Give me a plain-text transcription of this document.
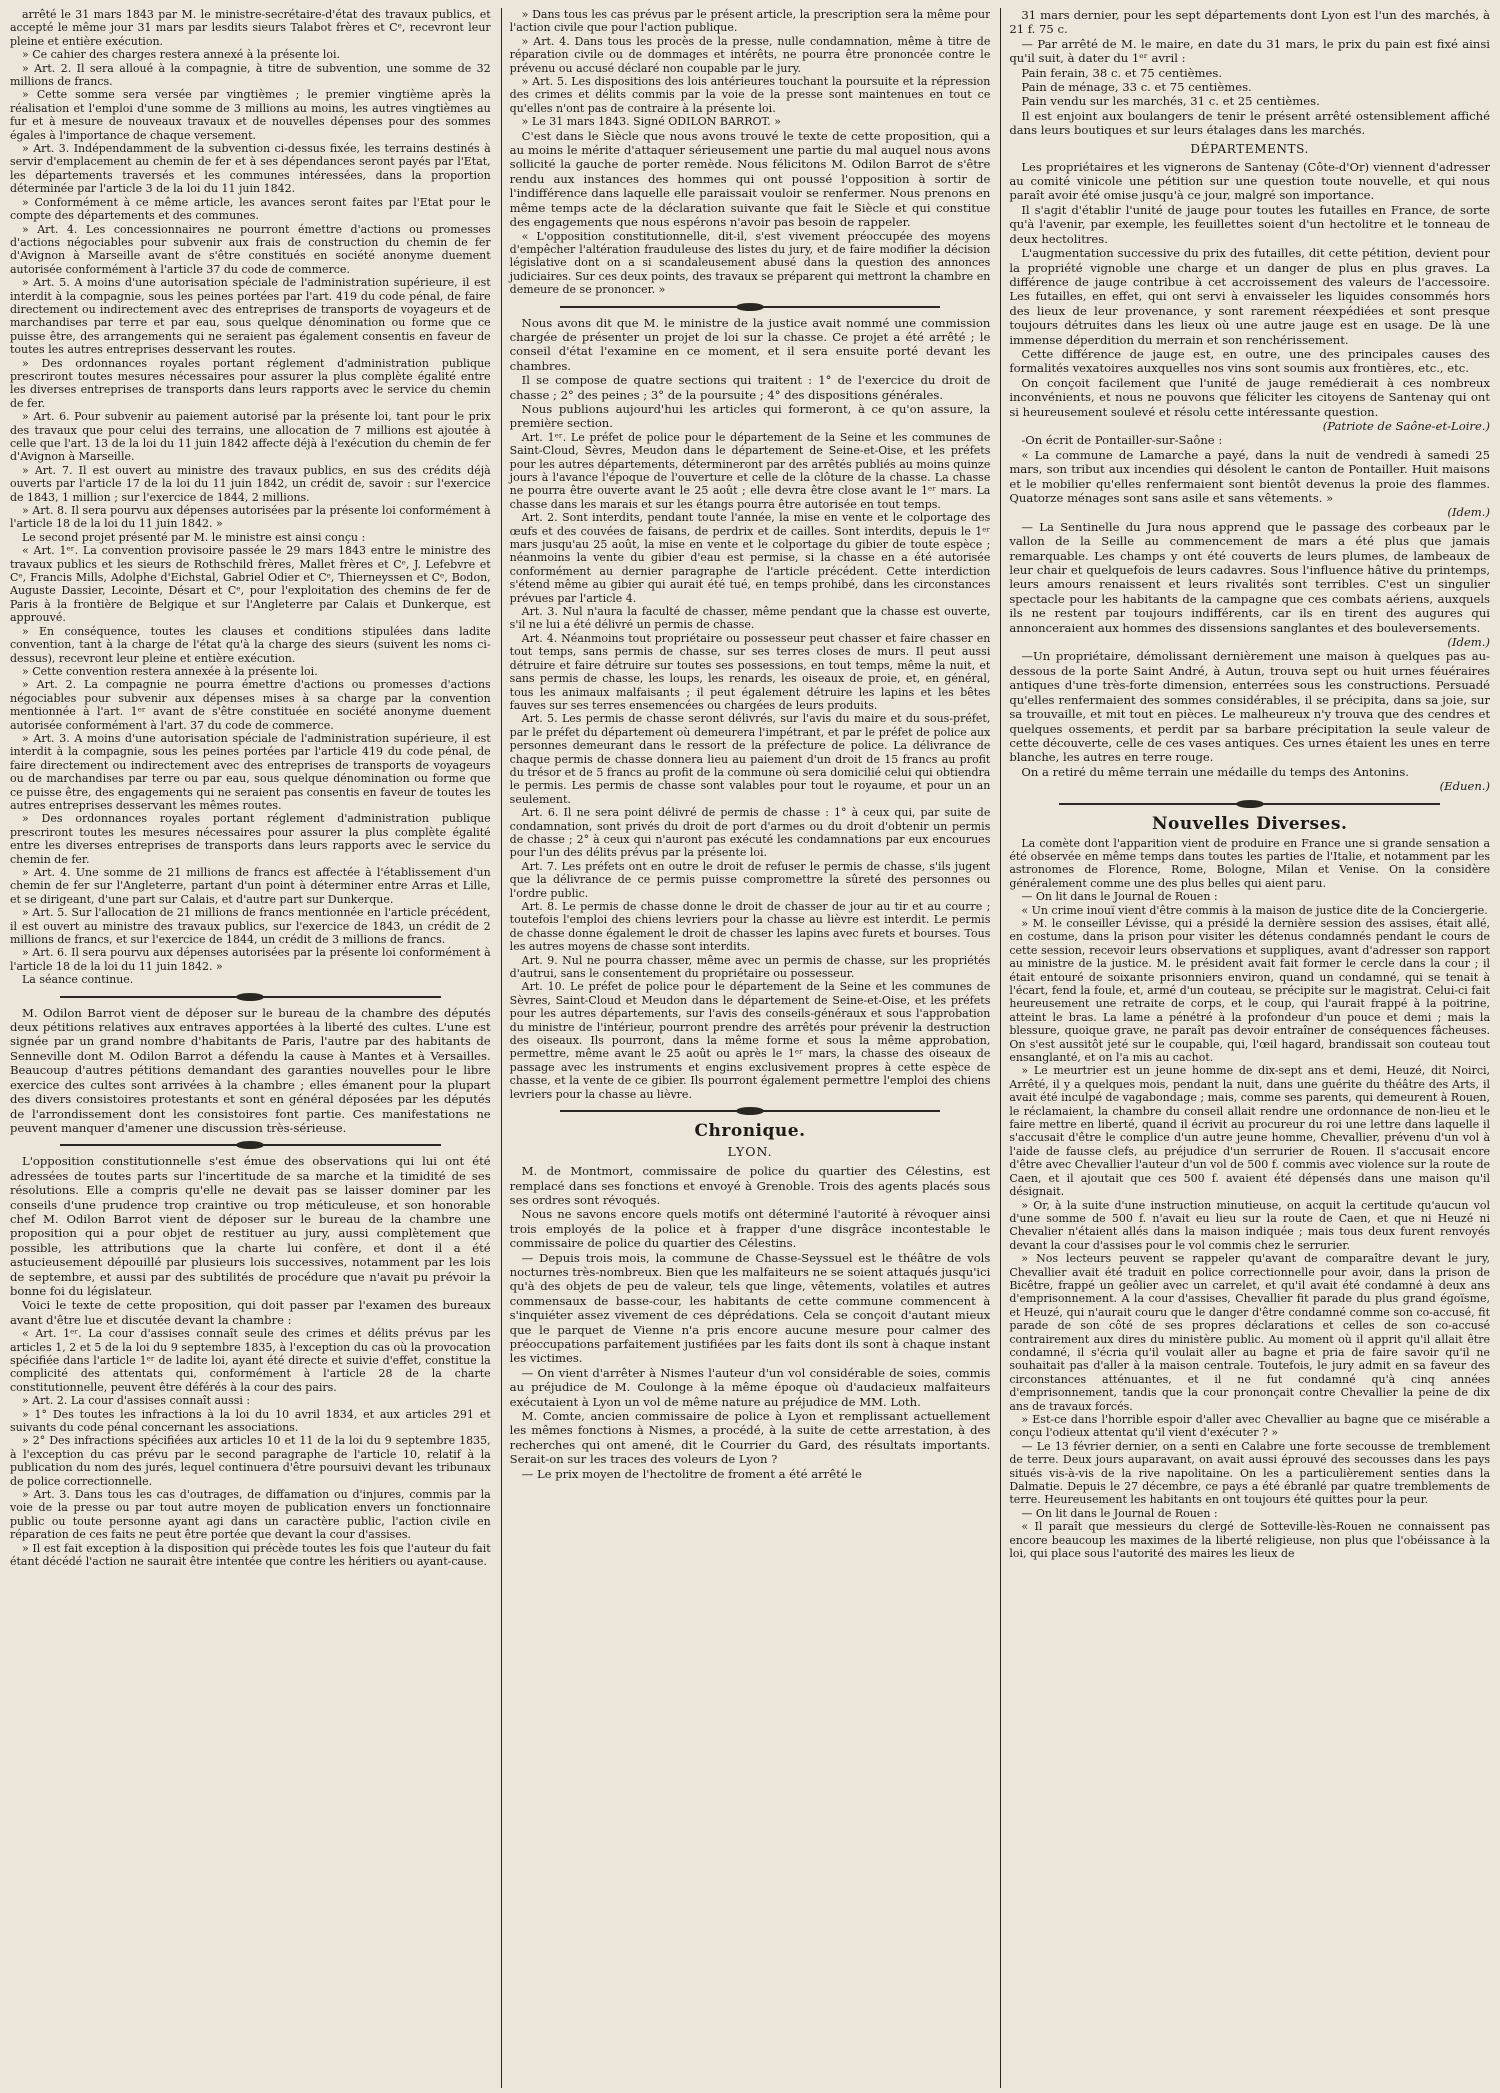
arrêté le 31 mars 1843 par M. le ministre-secrétaire-d'état des travaux publics, et accepté le même jour 31 mars par lesdits sieurs Talabot frères et Cᵉ, recevront leur pleine et entière exécution.

» Ce cahier des charges restera annexé à la présente loi.

» Art. 2. Il sera alloué à la compagnie, à titre de subvention, une somme de 32 millions de francs.

» Cette somme sera versée par vingtièmes ; le premier vingtième après la réalisation et l'emploi d'une somme de 3 millions au moins, les autres vingtièmes au fur et à mesure de nouveaux travaux et de nouvelles dépenses pour des sommes égales à l'importance de chaque versement.

» Art. 3. Indépendamment de la subvention ci-dessus fixée, les terrains destinés à servir d'emplacement au chemin de fer et à ses dépendances seront payés par l'Etat, les départements traversés et les communes intéressées, dans la proportion déterminée par l'article 3 de la loi du 11 juin 1842.

» Conformément à ce même article, les avances seront faites par l'Etat pour le compte des départements et des communes.

» Art. 4. Les concessionnaires ne pourront émettre d'actions ou promesses d'actions négociables pour subvenir aux frais de construction du chemin de fer d'Avignon à Marseille avant de s'être constitués en société anonyme duement autorisée conformément à l'article 37 du code de commerce.

» Art. 5. A moins d'une autorisation spéciale de l'administration supérieure, il est interdit à la compagnie, sous les peines portées par l'art. 419 du code pénal, de faire directement ou indirectement avec des entreprises de transports de voyageurs et de marchandises par terre et par eau, sous quelque dénomination ou forme que ce puisse être, des arrangements qui ne seraient pas également consentis en faveur de toutes les autres entreprises desservant les routes.

» Des ordonnances royales portant réglement d'administration publique prescriront toutes mesures nécessaires pour assurer la plus complète égalité entre les diverses entreprises de transports dans leurs rapports avec le service du chemin de fer.

» Art. 6. Pour subvenir au paiement autorisé par la présente loi, tant pour le prix des travaux que pour celui des terrains, une allocation de 7 millions est ajoutée à celle que l'art. 13 de la loi du 11 juin 1842 affecte déjà à l'exécution du chemin de fer d'Avignon à Marseille.

» Art. 7. Il est ouvert au ministre des travaux publics, en sus des crédits déjà ouverts par l'article 17 de la loi du 11 juin 1842, un crédit de, savoir : sur l'exercice de 1843, 1 million ; sur l'exercice de 1844, 2 millions.

» Art. 8. Il sera pourvu aux dépenses autorisées par la présente loi conformément à l'article 18 de la loi du 11 juin 1842. »

Le second projet présenté par M. le ministre est ainsi conçu :

« Art. 1ᵉʳ. La convention provisoire passée le 29 mars 1843 entre le ministre des travaux publics et les sieurs de Rothschild frères, Mallet frères et Cᵉ, J. Lefebvre et Cᵉ, Francis Mills, Adolphe d'Eichstal, Gabriel Odier et Cᵉ, Thierneyssen et Cᵉ, Bodon, Auguste Dassier, Lecointe, Désart et Cᵉ, pour l'exploitation des chemins de fer de Paris à la frontière de Belgique et sur l'Angleterre par Calais et Dunkerque, est approuvé.

» En conséquence, toutes les clauses et conditions stipulées dans ladite convention, tant à la charge de l'état qu'à la charge des sieurs (suivent les noms ci-dessus), recevront leur pleine et entière exécution.

» Cette convention restera annexée à la présente loi.

» Art. 2. La compagnie ne pourra émettre d'actions ou promesses d'actions négociables pour subvenir aux dépenses mises à sa charge par la convention mentionnée à l'art. 1ᵉʳ avant de s'être constituée en société anonyme duement autorisée conformément à l'art. 37 du code de commerce.

» Art. 3. A moins d'une autorisation spéciale de l'administration supérieure, il est interdit à la compagnie, sous les peines portées par l'article 419 du code pénal, de faire directement ou indirectement avec des entreprises de transports de voyageurs ou de marchandises par terre ou par eau, sous quelque dénomination ou forme que ce puisse être, des engagements qui ne seraient pas consentis en faveur de toutes les autres entreprises desservant les mêmes routes.

» Des ordonnances royales portant réglement d'administration publique prescriront toutes les mesures nécessaires pour assurer la plus complète égalité entre les diverses entreprises de transports dans leurs rapports avec le service du chemin de fer.

» Art. 4. Une somme de 21 millions de francs est affectée à l'établissement d'un chemin de fer sur l'Angleterre, partant d'un point à déterminer entre Arras et Lille, et se dirigeant, d'une part sur Calais, et d'autre part sur Dunkerque.

» Art. 5. Sur l'allocation de 21 millions de francs mentionnée en l'article précédent, il est ouvert au ministre des travaux publics, sur l'exercice de 1843, un crédit de 2 millions de francs, et sur l'exercice de 1844, un crédit de 3 millions de francs.

» Art. 6. Il sera pourvu aux dépenses autorisées par la présente loi conformément à l'article 18 de la loi du 11 juin 1842. »

La séance continue.

M. Odilon Barrot vient de déposer sur le bureau de la chambre des députés deux pétitions relatives aux entraves apportées à la liberté des cultes. L'une est signée par un grand nombre d'habitants de Paris, l'autre par des habitants de Senneville dont M. Odilon Barrot a défendu la cause à Mantes et à Versailles. Beaucoup d'autres pétitions demandant des garanties nouvelles pour le libre exercice des cultes sont arrivées à la chambre ; elles émanent pour la plupart des divers consistoires protestants et sont en général déposées par les députés de l'arrondissement dont les consistoires font partie. Ces manifestations ne peuvent manquer d'amener une discussion très-sérieuse.

L'opposition constitutionnelle s'est émue des observations qui lui ont été adressées de toutes parts sur l'incertitude de sa marche et la timidité de ses résolutions. Elle a compris qu'elle ne devait pas se laisser dominer par les conseils d'une prudence trop craintive ou trop méticuleuse, et son honorable chef M. Odilon Barrot vient de déposer sur le bureau de la chambre une proposition qui a pour objet de restituer au jury, aussi complètement que possible, les attributions que la charte lui confère, et dont il a été astucieusement dépouillé par plusieurs lois successives, notamment par les lois de septembre, et aussi par des subtilités de procédure que n'avait pu prévoir la bonne foi du législateur.

Voici le texte de cette proposition, qui doit passer par l'examen des bureaux avant d'être lue et discutée devant la chambre :

« Art. 1ᵉʳ. La cour d'assises connaît seule des crimes et délits prévus par les articles 1, 2 et 5 de la loi du 9 septembre 1835, à l'exception du cas où la provocation spécifiée dans l'article 1ᵉʳ de ladite loi, ayant été directe et suivie d'effet, constitue la complicité des attentats qui, conformément à l'article 28 de la charte constitutionnelle, peuvent être déférés à la cour des pairs.

» Art. 2. La cour d'assises connaît aussi :

» 1° Des toutes les infractions à la loi du 10 avril 1834, et aux articles 291 et suivants du code pénal concernant les associations.

» 2° Des infractions spécifiées aux articles 10 et 11 de la loi du 9 septembre 1835, à l'exception du cas prévu par le second paragraphe de l'article 10, relatif à la publication du nom des jurés, lequel continuera d'être poursuivi devant les tribunaux de police correctionnelle.

» Art. 3. Dans tous les cas d'outrages, de diffamation ou d'injures, commis par la voie de la presse ou par tout autre moyen de publication envers un fonctionnaire public ou toute personne ayant agi dans un caractère public, l'action civile en réparation de ces faits ne peut être portée que devant la cour d'assises.

» Il est fait exception à la disposition qui précède toutes les fois que l'auteur du fait étant décédé l'action ne saurait être intentée que contre les héritiers ou ayant-cause.

» Dans tous les cas prévus par le présent article, la prescription sera la même pour l'action civile que pour l'action publique.

» Art. 4. Dans tous les procès de la presse, nulle condamnation, même à titre de réparation civile ou de dommages et intérêts, ne pourra être prononcée contre le prévenu ou accusé déclaré non coupable par le jury.

» Art. 5. Les dispositions des lois antérieures touchant la poursuite et la répression des crimes et délits commis par la voie de la presse sont maintenues en tout ce qu'elles n'ont pas de contraire à la présente loi.

» Le 31 mars 1843. Signé ODILON BARROT. »

C'est dans le Siècle que nous avons trouvé le texte de cette proposition, qui a au moins le mérite d'attaquer sérieusement une partie du mal auquel nous avons sollicité la gauche de porter remède. Nous félicitons M. Odilon Barrot de s'être rendu aux instances des hommes qui ont poussé l'opposition à sortir de l'indifférence dans laquelle elle paraissait vouloir se renfermer. Nous prenons en même temps acte de la déclaration suivante que fait le Siècle et qui constitue des engagements que nous espérons n'avoir pas besoin de rappeler.

« L'opposition constitutionnelle, dit-il, s'est vivement préoccupée des moyens d'empêcher l'altération frauduleuse des listes du jury, et de faire modifier la décision législative dont on a si scandaleusement abusé dans la question des annonces judiciaires. Sur ces deux points, des travaux se préparent qui mettront la chambre en demeure de se prononcer. »

Nous avons dit que M. le ministre de la justice avait nommé une commission chargée de présenter un projet de loi sur la chasse. Ce projet a été arrêté ; le conseil d'état l'examine en ce moment, et il sera ensuite porté devant les chambres.

Il se compose de quatre sections qui traitent : 1° de l'exercice du droit de chasse ; 2° des peines ; 3° de la poursuite ; 4° des dispositions générales.

Nous publions aujourd'hui les articles qui formeront, à ce qu'on assure, la première section.

Art. 1ᵉʳ. Le préfet de police pour le département de la Seine et les communes de Saint-Cloud, Sèvres, Meudon dans le département de Seine-et-Oise, et les préfets pour les autres départements, détermineront par des arrêtés publiés au moins quinze jours à l'avance l'époque de l'ouverture et celle de la clôture de la chasse. La chasse ne pourra être ouverte avant le 25 août ; elle devra être close avant le 1ᵉʳ mars. La chasse dans les marais et sur les étangs pourra être autorisée en tout temps.

Art. 2. Sont interdits, pendant toute l'année, la mise en vente et le colportage des œufs et des couvées de faisans, de perdrix et de cailles. Sont interdits, depuis le 1ᵉʳ mars jusqu'au 25 août, la mise en vente et le colportage du gibier de toute espèce ; néanmoins la vente du gibier d'eau est permise, si la chasse en a été autorisée conformément au dernier paragraphe de l'article précédent. Cette interdiction s'étend même au gibier qui aurait été tué, en temps prohibé, dans les circonstances prévues par l'article 4.

Art. 3. Nul n'aura la faculté de chasser, même pendant que la chasse est ouverte, s'il ne lui a été délivré un permis de chasse.

Art. 4. Néanmoins tout propriétaire ou possesseur peut chasser et faire chasser en tout temps, sans permis de chasse, sur ses terres closes de murs. Il peut aussi détruire et faire détruire sur toutes ses possessions, en tout temps, même la nuit, et sans permis de chasse, les loups, les renards, les oiseaux de proie, et, en général, tous les animaux malfaisants ; il peut également détruire les lapins et les bêtes fauves sur ses terres ensemencées ou chargées de leurs produits.

Art. 5. Les permis de chasse seront délivrés, sur l'avis du maire et du sous-préfet, par le préfet du département où demeurera l'impétrant, et par le préfet de police aux personnes demeurant dans le ressort de la préfecture de police. La délivrance de chaque permis de chasse donnera lieu au paiement d'un droit de 15 francs au profit du trésor et de 5 francs au profit de la commune où sera domicilié celui qui obtiendra le permis. Les permis de chasse sont valables pour tout le royaume, et pour un an seulement.

Art. 6. Il ne sera point délivré de permis de chasse : 1° à ceux qui, par suite de condamnation, sont privés du droit de port d'armes ou du droit d'obtenir un permis de chasse ; 2° à ceux qui n'auront pas exécuté les condamnations par eux encourues pour l'un des délits prévus par la présente loi.

Art. 7. Les préfets ont en outre le droit de refuser le permis de chasse, s'ils jugent que la délivrance de ce permis puisse compromettre la sûreté des personnes ou l'ordre public.

Art. 8. Le permis de chasse donne le droit de chasser de jour au tir et au courre ; toutefois l'emploi des chiens levriers pour la chasse au lièvre est interdit. Le permis de chasse donne également le droit de chasser les lapins avec furets et bourses. Tous les autres moyens de chasse sont interdits.

Art. 9. Nul ne pourra chasser, même avec un permis de chasse, sur les propriétés d'autrui, sans le consentement du propriétaire ou possesseur.

Art. 10. Le préfet de police pour le département de la Seine et les communes de Sèvres, Saint-Cloud et Meudon dans le département de Seine-et-Oise, et les préfets pour les autres départements, sur l'avis des conseils-généraux et sous l'approbation du ministre de l'intérieur, pourront prendre des arrêtés pour prévenir la destruction des oiseaux. Ils pourront, dans la même forme et sous la même approbation, permettre, même avant le 25 août ou après le 1ᵉʳ mars, la chasse des oiseaux de passage avec les instruments et engins exclusivement propres à cette espèce de chasse, et la vente de ce gibier. Ils pourront également permettre l'emploi des chiens levriers pour la chasse au lièvre.

Chronique.
LYON.

M. de Montmort, commissaire de police du quartier des Célestins, est remplacé dans ses fonctions et envoyé à Grenoble. Trois des agents placés sous ses ordres sont révoqués.

Nous ne savons encore quels motifs ont déterminé l'autorité à révoquer ainsi trois employés de la police et à frapper d'une disgrâce incontestable le commissaire de police du quartier des Célestins.

— Depuis trois mois, la commune de Chasse-Seyssuel est le théâtre de vols nocturnes très-nombreux. Bien que les malfaiteurs ne se soient attaqués jusqu'ici qu'à des objets de peu de valeur, tels que linge, vêtements, volatiles et autres commensaux de basse-cour, les habitants de cette commune commencent à s'inquiéter assez vivement de ces déprédations. Cela se conçoit d'autant mieux que le parquet de Vienne n'a pris encore aucune mesure pour calmer des préoccupations parfaitement justifiées par les faits dont ils sont à chaque instant les victimes.

— On vient d'arrêter à Nismes l'auteur d'un vol considérable de soies, commis au préjudice de M. Coulonge à la même époque où d'audacieux malfaiteurs exécutaient à Lyon un vol de même nature au préjudice de MM. Loth.

M. Comte, ancien commissaire de police à Lyon et remplissant actuellement les mêmes fonctions à Nismes, a procédé, à la suite de cette arrestation, à des recherches qui ont amené, dit le Courrier du Gard, des résultats importants. Serait-on sur les traces des voleurs de Lyon ?

— Le prix moyen de l'hectolitre de froment a été arrêté le

31 mars dernier, pour les sept départements dont Lyon est l'un des marchés, à 21 f. 75 c.

— Par arrêté de M. le maire, en date du 31 mars, le prix du pain est fixé ainsi qu'il suit, à dater du 1ᵉʳ avril :

Pain ferain, 38 c. et 75 centièmes.

Pain de ménage, 33 c. et 75 centièmes.

Pain vendu sur les marchés, 31 c. et 25 centièmes.

Il est enjoint aux boulangers de tenir le présent arrêté ostensiblement affiché dans leurs boutiques et sur leurs étalages dans les marchés.

DÉPARTEMENTS.

Les propriétaires et les vignerons de Santenay (Côte-d'Or) viennent d'adresser au comité vinicole une pétition sur une question toute nouvelle, et qui nous paraît avoir été omise jusqu'à ce jour, malgré son importance.

Il s'agit d'établir l'unité de jauge pour toutes les futailles en France, de sorte qu'à l'avenir, par exemple, les feuillettes soient d'un hectolitre et le tonneau de deux hectolitres.

L'augmentation successive du prix des futailles, dit cette pétition, devient pour la propriété vignoble une charge et un danger de plus en plus graves. La différence de jauge contribue à cet accroissement des valeurs de l'accessoire. Les futailles, en effet, qui ont servi à envaisseler les liquides consommés hors des lieux de leur provenance, y sont rarement réexpédiées et sont presque toujours détruites dans les lieux où une autre jauge est en usage. De là une immense déperdition du merrain et son renchérissement.

Cette différence de jauge est, en outre, une des principales causes des formalités vexatoires auxquelles nos vins sont soumis aux frontières, etc., etc.

On conçoit facilement que l'unité de jauge remédierait à ces nombreux inconvénients, et nous ne pouvons que féliciter les citoyens de Santenay qui ont si heureusement soulevé et résolu cette intéressante question.

(Patriote de Saône-et-Loire.)

-On écrit de Pontailler-sur-Saône :

« La commune de Lamarche a payé, dans la nuit de vendredi à samedi 25 mars, son tribut aux incendies qui désolent le canton de Pontailler. Huit maisons et le mobilier qu'elles renfermaient sont bientôt devenus la proie des flammes. Quatorze ménages sont sans asile et sans vêtements. »

(Idem.)

— La Sentinelle du Jura nous apprend que le passage des corbeaux par le vallon de la Seille au commencement de mars a été plus que jamais remarquable. Les champs y ont été couverts de leurs plumes, de lambeaux de leur chair et quelquefois de leurs cadavres. Sous l'influence hâtive du printemps, leurs amours renaissent et leurs rivalités sont terribles. C'est un singulier spectacle pour les habitants de la campagne que ces combats aériens, auxquels ils ne restent par toujours indifférents, car ils en tirent des augures qui annonceraient aux hommes des dissensions sanglantes et des bouleversements.

(Idem.)

—Un propriétaire, démolissant dernièrement une maison à quelques pas au-dessous de la porte Saint André, à Autun, trouva sept ou huit urnes féuéraires antiques d'une très-forte dimension, enterrées sous les constructions. Persuadé qu'elles renfermaient des sommes considérables, il se précipita, dans sa joie, sur sa trouvaille, et mit tout en pièces. Le malheureux n'y trouva que des cendres et quelques ossements, et perdit par sa barbare précipitation la seule valeur de cette découverte, celle de ces vases antiques. Ces urnes étaient les unes en terre blanche, les autres en terre rouge.

On a retiré du même terrain une médaille du temps des Antonins.

(Eduen.)

Nouvelles Diverses.

La comète dont l'apparition vient de produire en France une si grande sensation a été observée en même temps dans toutes les parties de l'Italie, et notamment par les astronomes de Florence, Rome, Bologne, Milan et Venise. On la considère généralement comme une des plus belles qui aient paru.

— On lit dans le Journal de Rouen :

« Un crime inouï vient d'être commis à la maison de justice dite de la Conciergerie.

» M. le conseiller Lévisse, qui a présidé la dernière session des assises, était allé, en costume, dans la prison pour visiter les détenus condamnés pendant le cours de cette session, recevoir leurs observations et suppliques, avant d'adresser son rapport au ministre de la justice. M. le président avait fait former le cercle dans la cour ; il était entouré de soixante prisonniers environ, quand un condamné, qui se tenait à l'écart, fend la foule, et, armé d'un couteau, se précipite sur le magistrat. Celui-ci fait heureusement une retraite de corps, et le coup, qui l'aurait frappé à la poitrine, atteint le bras. La lame a pénétré à la profondeur d'un pouce et demi ; mais la blessure, quoique grave, ne paraît pas devoir entraîner de conséquences fâcheuses. On s'est aussitôt jeté sur le coupable, qui, l'œil hagard, brandissait son couteau tout ensanglanté, et on l'a mis au cachot.

» Le meurtrier est un jeune homme de dix-sept ans et demi, Heuzé, dit Noirci, Arrêté, il y a quelques mois, pendant la nuit, dans une guérite du théâtre des Arts, il avait été inculpé de vagabondage ; mais, comme ses parents, qui demeurent à Rouen, le réclamaient, la chambre du conseil allait rendre une ordonnance de non-lieu et le faire mettre en liberté, quand il écrivit au procureur du roi une lettre dans laquelle il s'accusait d'être le complice d'un autre jeune homme, Chevallier, prévenu d'un vol à l'aide de fausse clefs, au préjudice d'un serrurier de Rouen. Il s'accusait encore d'être avec Chevallier l'auteur d'un vol de 500 f. commis avec violence sur la route de Caen, et il ajoutait que ces 500 f. avaient été dépensés dans une maison qu'il désignait.

» Or, à la suite d'une instruction minutieuse, on acquit la certitude qu'aucun vol d'une somme de 500 f. n'avait eu lieu sur la route de Caen, et que ni Heuzé ni Chevalier n'étaient allés dans la maison indiquée ; mais tous deux furent renvoyés devant la cour d'assises pour le vol commis chez le serrurier.

» Nos lecteurs peuvent se rappeler qu'avant de comparaître devant le jury, Chevallier avait été traduit en police correctionnelle pour avoir, dans la prison de Bicêtre, frappé un geôlier avec un carrelet, et qu'il avait été condamné à deux ans d'emprisonnement. A la cour d'assises, Chevallier fit parade du plus grand égoïsme, et Heuzé, qui n'aurait couru que le danger d'être condamné comme son co-accusé, fit parade de son côté de ses propres déclarations et celles de son co-accusé contrairement aux dires du ministère public. Au moment où il apprit qu'il allait être condamné, il s'écria qu'il voulait aller au bagne et pria de faire savoir qu'il ne souhaitait pas d'aller à la maison centrale. Toutefois, le jury admit en sa faveur des circonstances atténuantes, et il ne fut condamné qu'à cinq années d'emprisonnement, tandis que la cour prononçait contre Chevallier la peine de dix ans de travaux forcés.

» Est-ce dans l'horrible espoir d'aller avec Chevallier au bagne que ce misérable a conçu l'odieux attentat qu'il vient d'exécuter ? »

— Le 13 février dernier, on a senti en Calabre une forte secousse de tremblement de terre. Deux jours auparavant, on avait aussi éprouvé des secousses dans les pays situés vis-à-vis de la rive napolitaine. On les a particulièrement senties dans la Dalmatie. Depuis le 27 décembre, ce pays a été ébranlé par quatre tremblements de terre. Heureusement les habitants en ont toujours été quittes pour la peur.

— On lit dans le Journal de Rouen :

« Il paraît que messieurs du clergé de Sotteville-lès-Rouen ne connaissent pas encore beaucoup les maximes de la liberté religieuse, non plus que l'obéissance à la loi, qui place sous l'autorité des maires les lieux de
